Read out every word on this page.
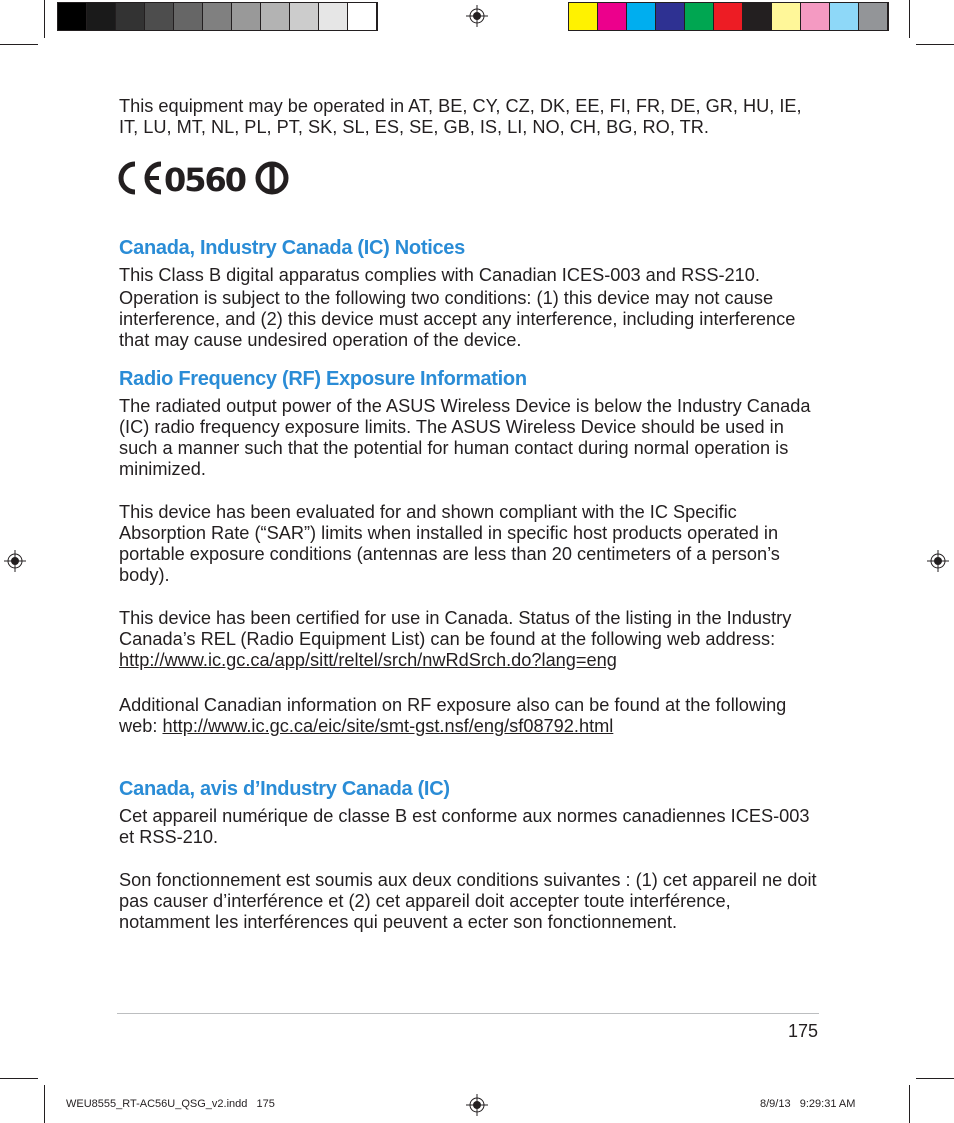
This equipment may be operated in AT, BE, CY, CZ, DK, EE, FI, FR, DE, GR, HU, IE, IT, LU, MT, NL, PL, PT, SK, SL, ES, SE, GB, IS, LI, NO, CH, BG, RO, TR.

Canada, Industry Canada (IC) Notices

This Class B digital apparatus complies with Canadian ICES-003 and RSS-210.

Operation is subject to the following two conditions: (1) this device may not cause interference, and (2) this device must accept any interference, including interference that may cause undesired operation of the device.

Radio Frequency (RF) Exposure Information

The radiated output power of the ASUS Wireless Device is below the Industry Canada (IC) radio frequency exposure limits. The ASUS Wireless Device should be used in such a manner such that the potential for human contact during normal operation is minimized.

This device has been evaluated for and shown compliant with the IC Specific Absorption Rate (“SAR”) limits when installed in specific host products operated in portable exposure conditions (antennas are less than 20 centimeters of a person’s body).

This device has been certified for use in Canada. Status of the listing in the Industry Canada’s REL (Radio Equipment List) can be found at the following web address: http://www.ic.gc.ca/app/sitt/reltel/srch/nwRdSrch.do?lang=eng

Additional Canadian information on RF exposure also can be found at the following web: http://www.ic.gc.ca/eic/site/smt-gst.nsf/eng/sf08792.html

Canada, avis d’Industry Canada (IC)

Cet appareil numérique de classe B est conforme aux normes canadiennes ICES-003 et RSS-210.

Son fonctionnement est soumis aux deux conditions suivantes : (1) cet appareil ne doit pas causer d’interférence et (2) cet appareil doit accepter toute interférence, notamment les interférences qui peuvent a ecter son fonctionnement.

0560
175
WEU8555_RT-AC56U_QSG_v2.indd   175	8/9/13   9:29:31 AM
